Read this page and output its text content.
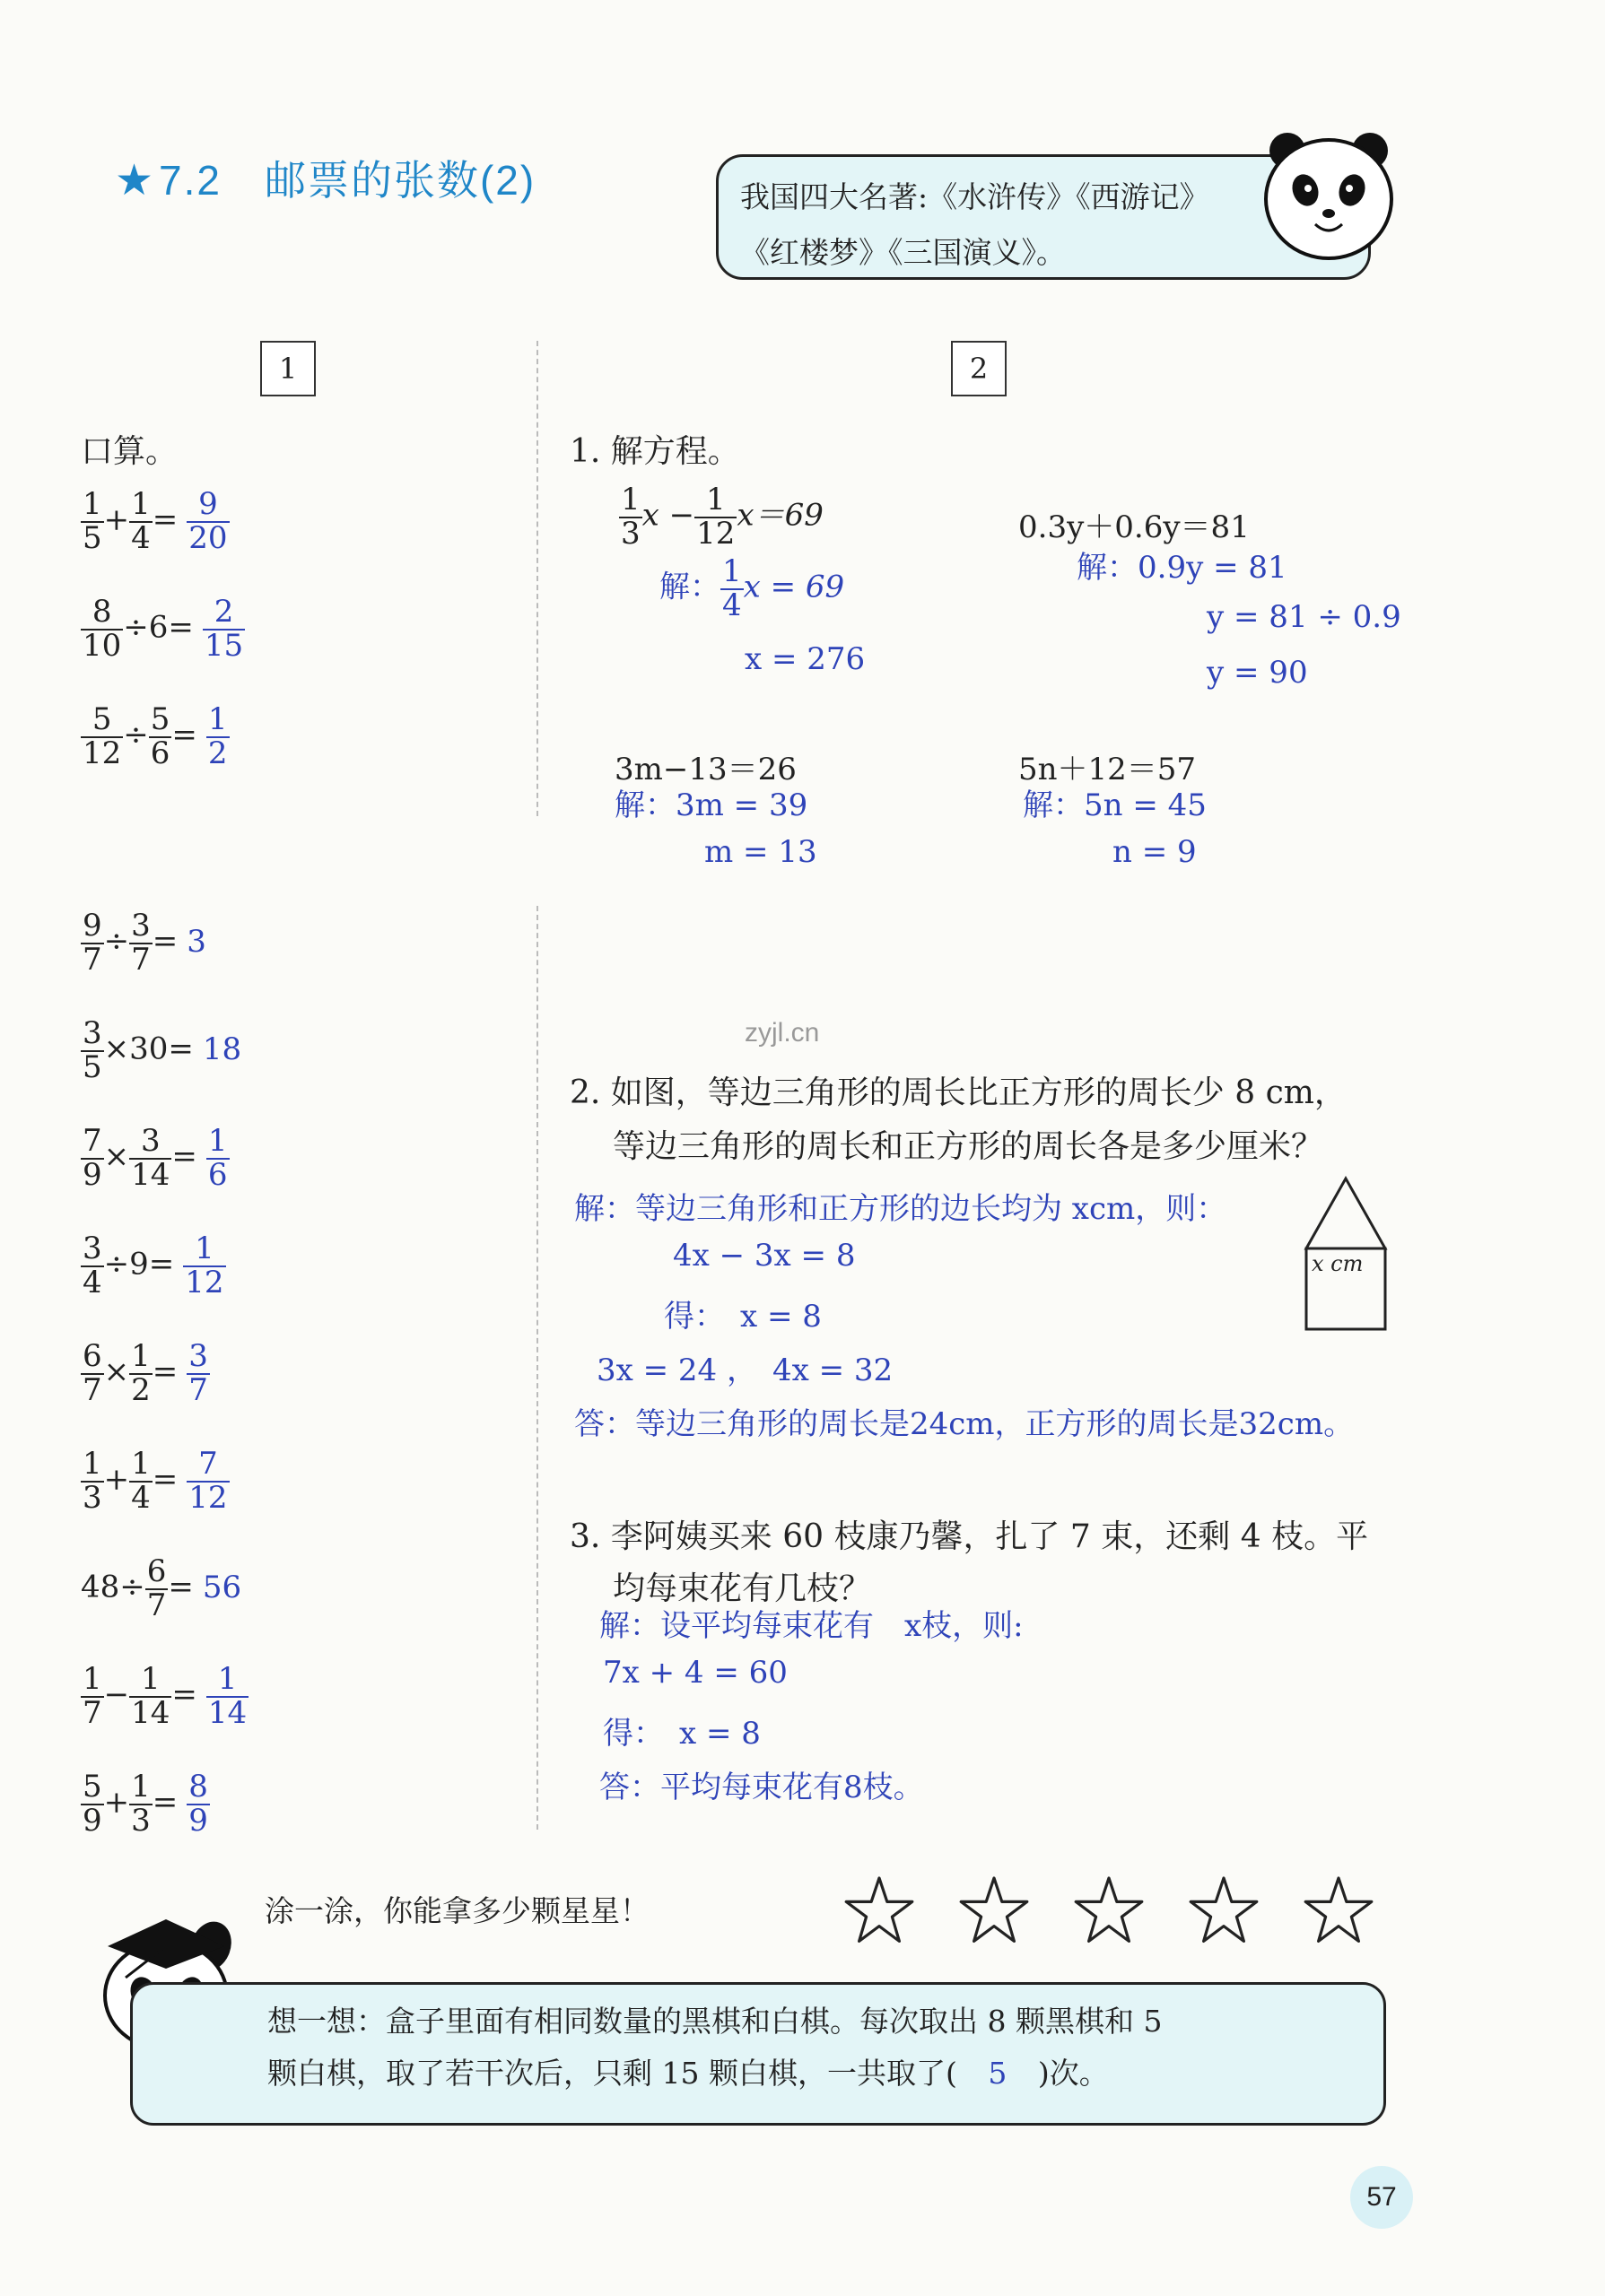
★7.2　邮票的张数(2)	我国四大名著:《水浒传》《西游记》《红楼梦》《三国演义》。
1	2
口算。
$\frac{1}{5} + \frac{1}{4} = \frac{9}{20}$
$\frac{8}{10} \div 6= \frac{2}{15}$
$\frac{5}{12} \div \frac{5}{6} = \frac{1}{2}$
$\frac{9}{7} \div \frac{3}{7} = 3$
$\frac{3}{5} \times 30= 18$
$\frac{7}{9} \times \frac{3}{14} = \frac{1}{6}$
$\frac{3}{4} \div 9= \frac{1}{12}$
$\frac{6}{7} \times \frac{1}{2} = \frac{3}{7}$
$\frac{1}{3} + \frac{1}{4} = \frac{7}{12}$
$48\div \frac{6}{7} = 56$
$\frac{1}{7} - \frac{1}{14} = \frac{1}{14}$
$\frac{5}{9} + \frac{1}{3} = \frac{8}{9}$
1. 解方程。
$\frac{1}{3}$ $x - \frac{1}{12} x=69$
解： $\frac{1}{4}$ x = 69
x = 276
0.3y＋0.6y＝81
解：0.9y = 81
y = 81 ÷ 0.9
y = 90
3m−13＝26
解：3m = 39
m = 13
5n＋12＝57
解：5n = 45
n = 9
zyjl.cn
2. 如图，等边三角形的周长比正方形的周长少 8 cm，
等边三角形的周长和正方形的周长各是多少厘米？
解：等边三角形和正方形的边长均为 xcm，则：
4x − 3x = 8
得：　x = 8
3x = 24 ，　4x = 32
答：等边三角形的周长是24cm，正方形的周长是32cm。
x cm
3. 李阿姨买来 60 枝康乃馨，扎了 7 束，还剩 4 枝。平
均每束花有几枝？
解：设平均每束花有　x枝，则:
7x + 4 = 60
得：　x = 8
答：平均每束花有8枝。
涂一涂，你能拿多少颗星星！
想一想：盒子里面有相同数量的黑棋和白棋。每次取出 8 颗黑棋和 5
颗白棋，取了若干次后，只剩 15 颗白棋，一共取了( 5 )次。
57
